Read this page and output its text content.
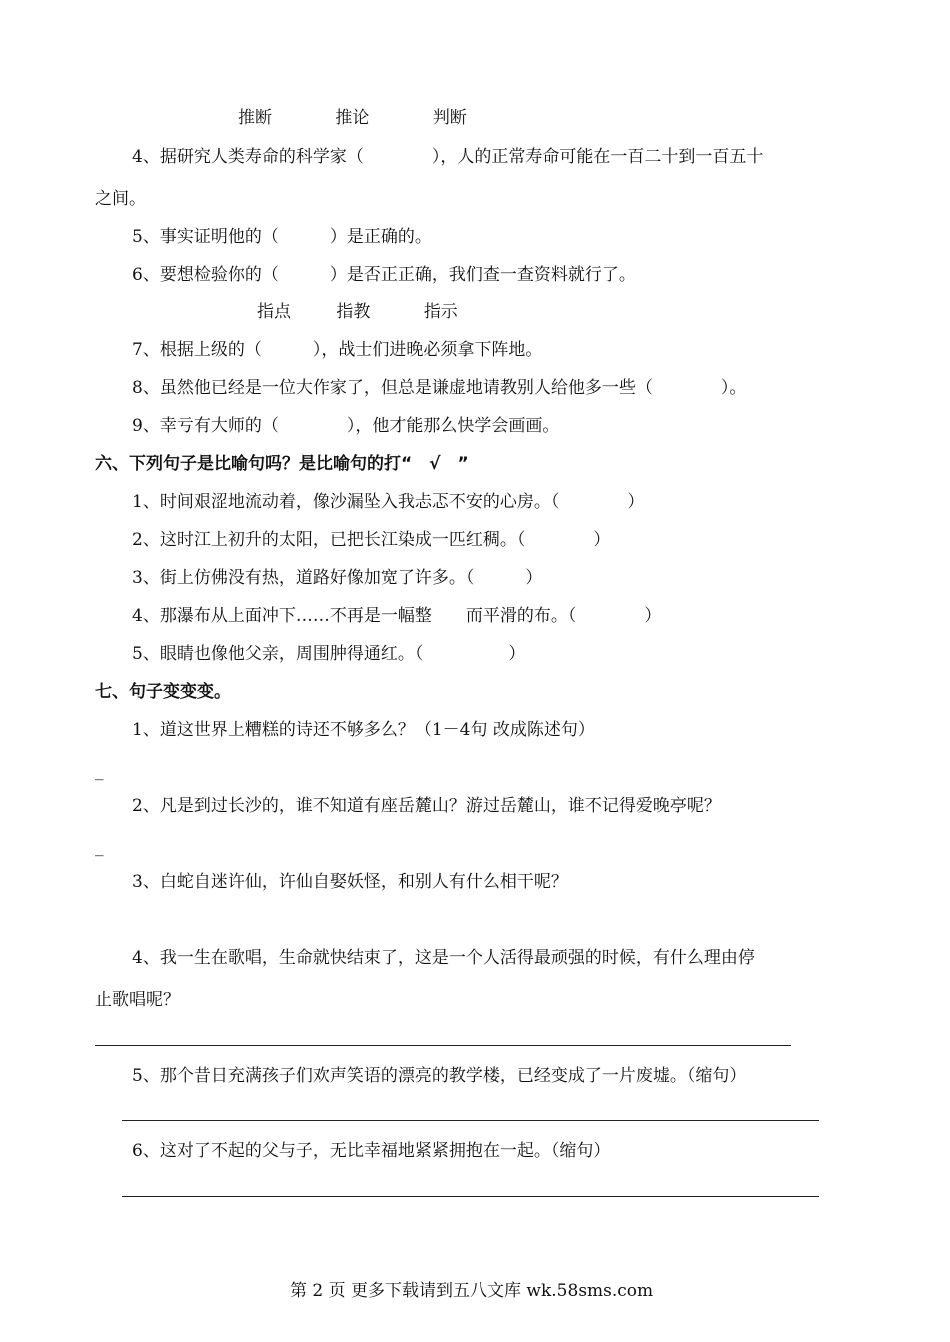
推断	推论	判断
4、据研究人类寿命的科学家（　　　　），人的正常寿命可能在一百二十到一百五十
之间。
5、事实证明他的（　　　）是正确的。
6、要想检验你的（　　　）是否正正确，我们查一查资料就行了。
指点	指教	指示
7、根据上级的（　　　），战士们进晚必须拿下阵地。
8、虽然他已经是一位大作家了，但总是谦虚地请教别人给他多一些（　　　　）。
9、幸亏有大师的（　　　　），他才能那么快学会画画。
六、下列句子是比喻句吗？是比喻句的打“　√　”
1、时间艰涩地流动着，像沙漏坠入我忐忑不安的心房。（　　　　）
2、这时江上初升的太阳，已把长江染成一匹红稠。（　　　　）
3、街上仿佛没有热，道路好像加宽了许多。（　　　）
4、那瀑布从上面冲下……不再是一幅整　　而平滑的布。（　　　　）
5、眼睛也像他父亲，周围肿得通红。（　　　　　）
七、句子变变变。
1、道这世界上糟糕的诗还不够多么？（1－4句 改成陈述句）
_
2、凡是到过长沙的，谁不知道有座岳麓山？游过岳麓山，谁不记得爱晚亭呢？
_
3、白蛇自迷许仙，许仙自娶妖怪，和别人有什么相干呢？
4、我一生在歌唱，生命就快结束了，这是一个人活得最顽强的时候，有什么理由停
止歌唱呢？
5、那个昔日充满孩子们欢声笑语的漂亮的教学楼，已经变成了一片废墟。（缩句）
6、这对了不起的父与子，无比幸福地紧紧拥抱在一起。（缩句）
第 2 页 更多下载请到五八文库 wk.58sms.com
